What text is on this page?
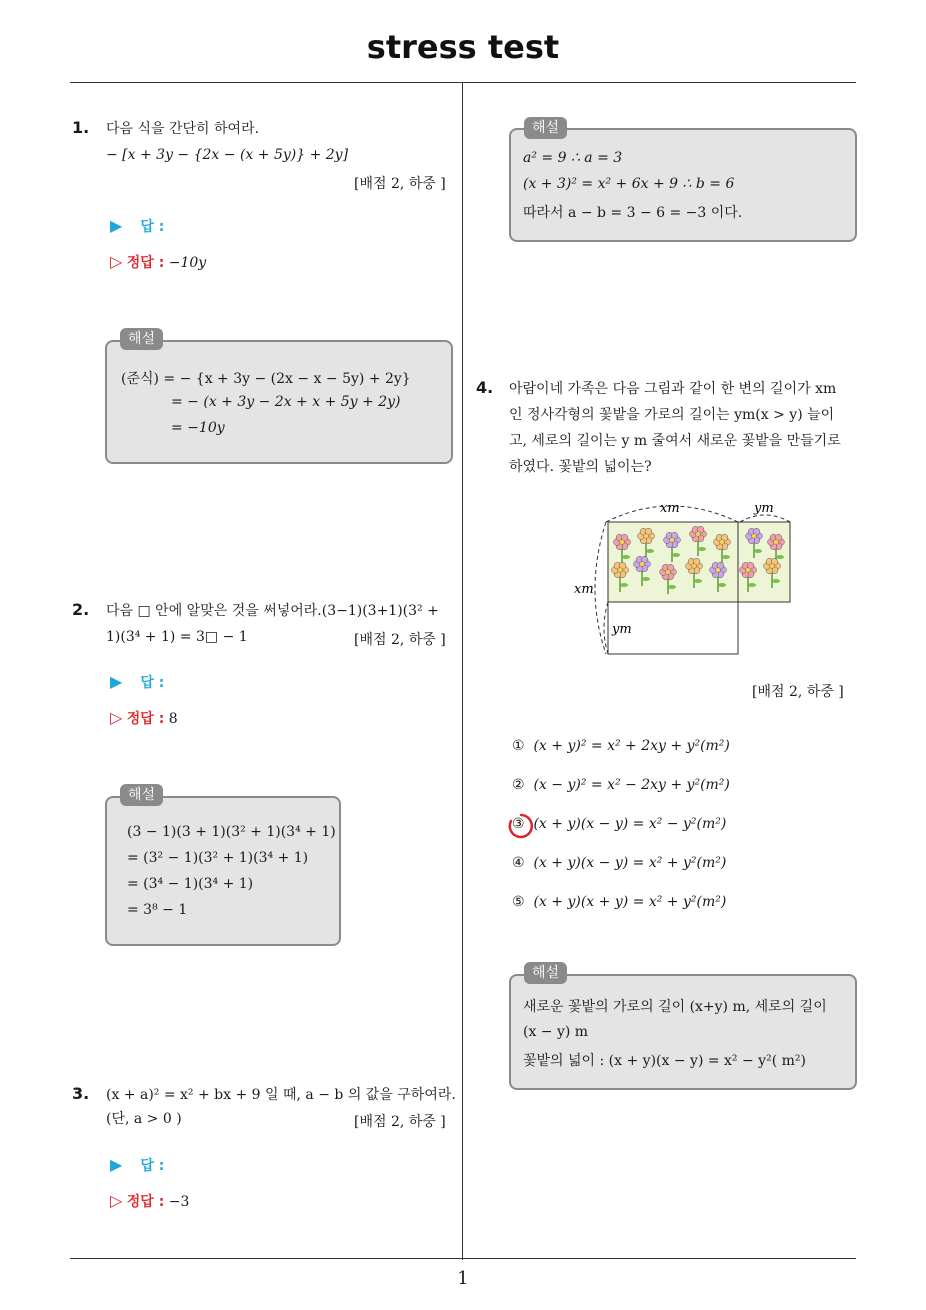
stress test
1. 다음 식을 간단히 하여라.
− [x + 3y − {2x − (x + 5y)} + 2y]
[배점 2, 하중 ]
▶ 답 :
▷ 정답 : −10y
(준식) = − {x + 3y − (2x − x − 5y) + 2y}
= − (x + 3y − 2x + x + 5y + 2y)
= −10y
해설
2. 다음 □ 안에 알맞은 것을 써넣어라.(3−1)(3+1)(3² +
1)(3⁴ + 1) = 3□ − 1	[배점 2, 하중 ]
▶ 답 :
▷ 정답 : 8
(3 − 1)(3 + 1)(3² + 1)(3⁴ + 1)
= (3² − 1)(3² + 1)(3⁴ + 1)
= (3⁴ − 1)(3⁴ + 1)
= 3⁸ − 1
해설
3. (x + a)² = x² + bx + 9 일 때, a − b 의 값을 구하여라.
(단, a > 0 )	[배점 2, 하중 ]
▶ 답 :
▷ 정답 : −3
a² = 9 ∴ a = 3
(x + 3)² = x² + 6x + 9 ∴ b = 6
따라서 a − b = 3 − 6 = −3 이다.
해설
4. 아람이네 가족은 다음 그림과 같이 한 변의 길이가 xm
인 정사각형의 꽃밭을 가로의 길이는 ym(x > y) 늘이
고, 세로의 길이는 y m 줄여서 새로운 꽃밭을 만들기로
하였다. 꽃밭의 넓이는?
xm	ym
xm
ym
[배점 2, 하중 ]
① (x + y)² = x² + 2xy + y²(m²)
② (x − y)² = x² − 2xy + y²(m²)
③ (x + y)(x − y) = x² − y²(m²)
④ (x + y)(x − y) = x² + y²(m²)
⑤ (x + y)(x + y) = x² + y²(m²)
새로운 꽃밭의 가로의 길이 (x+y) m, 세로의 길이
(x − y) m
꽃밭의 넓이 : (x + y)(x − y) = x² − y²( m²)
해설
1
